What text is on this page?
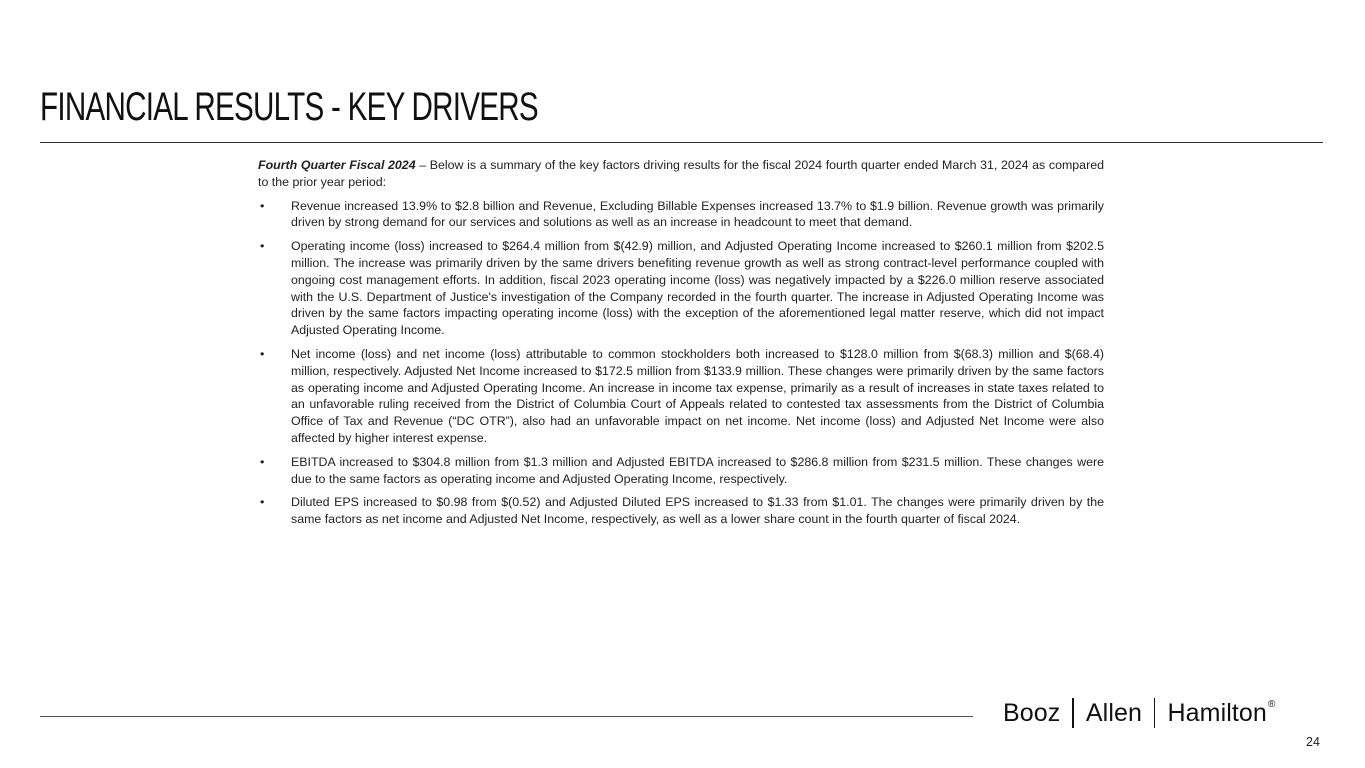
FINANCIAL RESULTS - KEY DRIVERS

Fourth Quarter Fiscal 2024 – Below is a summary of the key factors driving results for the fiscal 2024 fourth quarter ended March 31, 2024 as compared to the prior year period:

• Revenue increased 13.9% to $2.8 billion and Revenue, Excluding Billable Expenses increased 13.7% to $1.9 billion. Revenue growth was primarily driven by strong demand for our services and solutions as well as an increase in headcount to meet that demand.
• Operating income (loss) increased to $264.4 million from $(42.9) million, and Adjusted Operating Income increased to $260.1 million from $202.5 million. The increase was primarily driven by the same drivers benefiting revenue growth as well as strong contract-level performance coupled with ongoing cost management efforts. In addition, fiscal 2023 operating income (loss) was negatively impacted by a $226.0 million reserve associated with the U.S. Department of Justice's investigation of the Company recorded in the fourth quarter. The increase in Adjusted Operating Income was driven by the same factors impacting operating income (loss) with the exception of the aforementioned legal matter reserve, which did not impact Adjusted Operating Income.
• Net income (loss) and net income (loss) attributable to common stockholders both increased to $128.0 million from $(68.3) million and $(68.4) million, respectively. Adjusted Net Income increased to $172.5 million from $133.9 million. These changes were primarily driven by the same factors as operating income and Adjusted Operating Income. An increase in income tax expense, primarily as a result of increases in state taxes related to an unfavorable ruling received from the District of Columbia Court of Appeals related to contested tax assessments from the District of Columbia Office of Tax and Revenue (“DC OTR”), also had an unfavorable impact on net income. Net income (loss) and Adjusted Net Income were also affected by higher interest expense.
• EBITDA increased to $304.8 million from $1.3 million and Adjusted EBITDA increased to $286.8 million from $231.5 million. These changes were due to the same factors as operating income and Adjusted Operating Income, respectively.
• Diluted EPS increased to $0.98 from $(0.52) and Adjusted Diluted EPS increased to $1.33 from $1.01. The changes were primarily driven by the same factors as net income and Adjusted Net Income, respectively, as well as a lower share count in the fourth quarter of fiscal 2024.
Booz Allen Hamilton®
24
